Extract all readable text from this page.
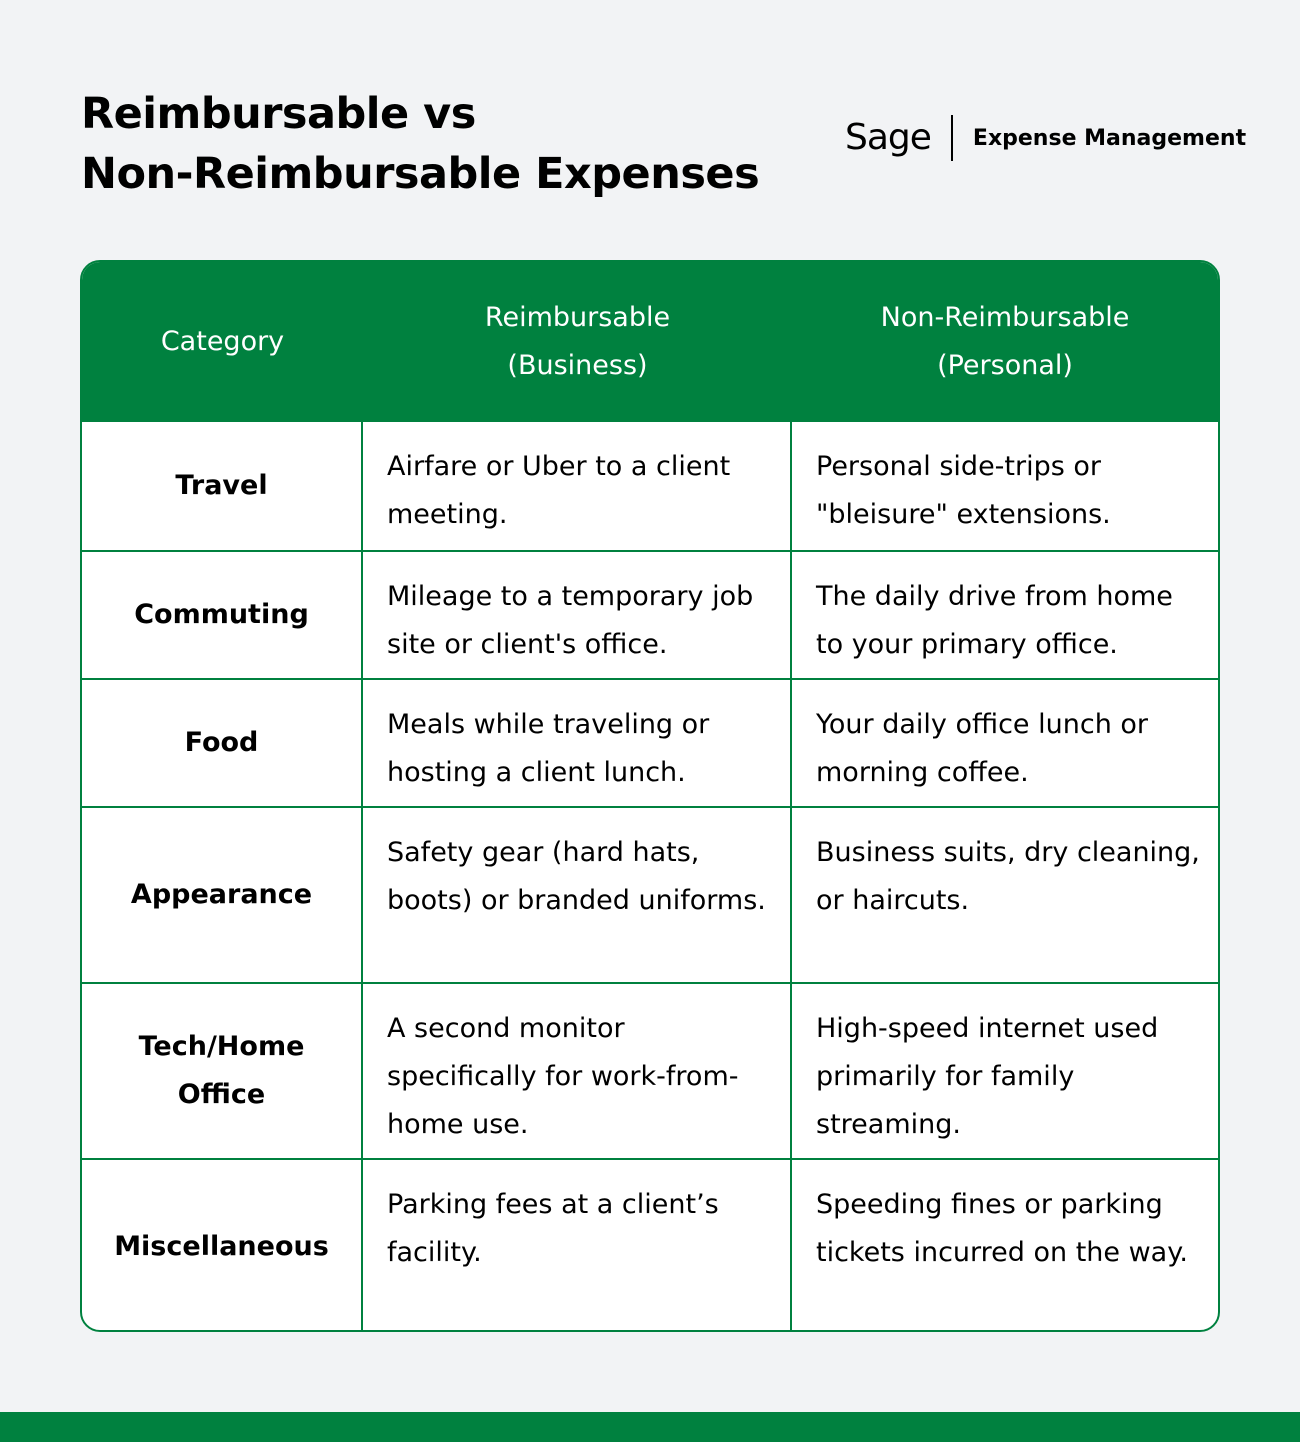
Reimbursable vs
Non-Reimbursable Expenses
Sage Expense Management
Category
Reimbursable
(Business)
Non-Reimbursable
(Personal)
Travel
Airfare or Uber to a client meeting.
Personal side-trips or "bleisure" extensions.
Commuting
Mileage to a temporary job site or client's office.
The daily drive from home to your primary office.
Food
Meals while traveling or hosting a client lunch.
Your daily office lunch or morning coffee.
Appearance
Safety gear (hard hats, boots) or branded uniforms.
Business suits, dry cleaning, or haircuts.
Tech/Home Office
A second monitor specifically for work-from-home use.
High-speed internet used primarily for family streaming.
Miscellaneous
Parking fees at a client’s facility.
Speeding fines or parking tickets incurred on the way.
